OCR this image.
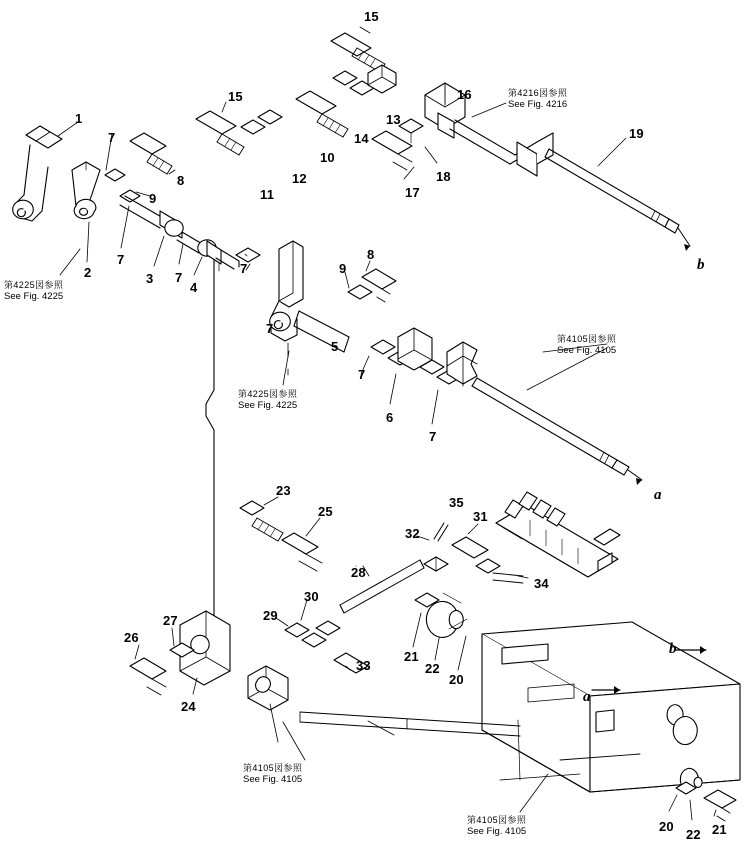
1
2	3
4
5
6
7
7
7
7
7
7
7
8
8
9
9
10
11
12
13
14
15
15	16
17
18
19
20
20
21
21
22
22
23
24
25
26
27
28
29
30
31
32
33
34
35
b
a
b
a
第4216図参照
See Fig. 4216
第4225図参照
See Fig. 4225
第4225図参照
See Fig. 4225
第4105図参照
See Fig. 4105
第4105図参照
See Fig. 4105
第4105図参照
See Fig. 4105
